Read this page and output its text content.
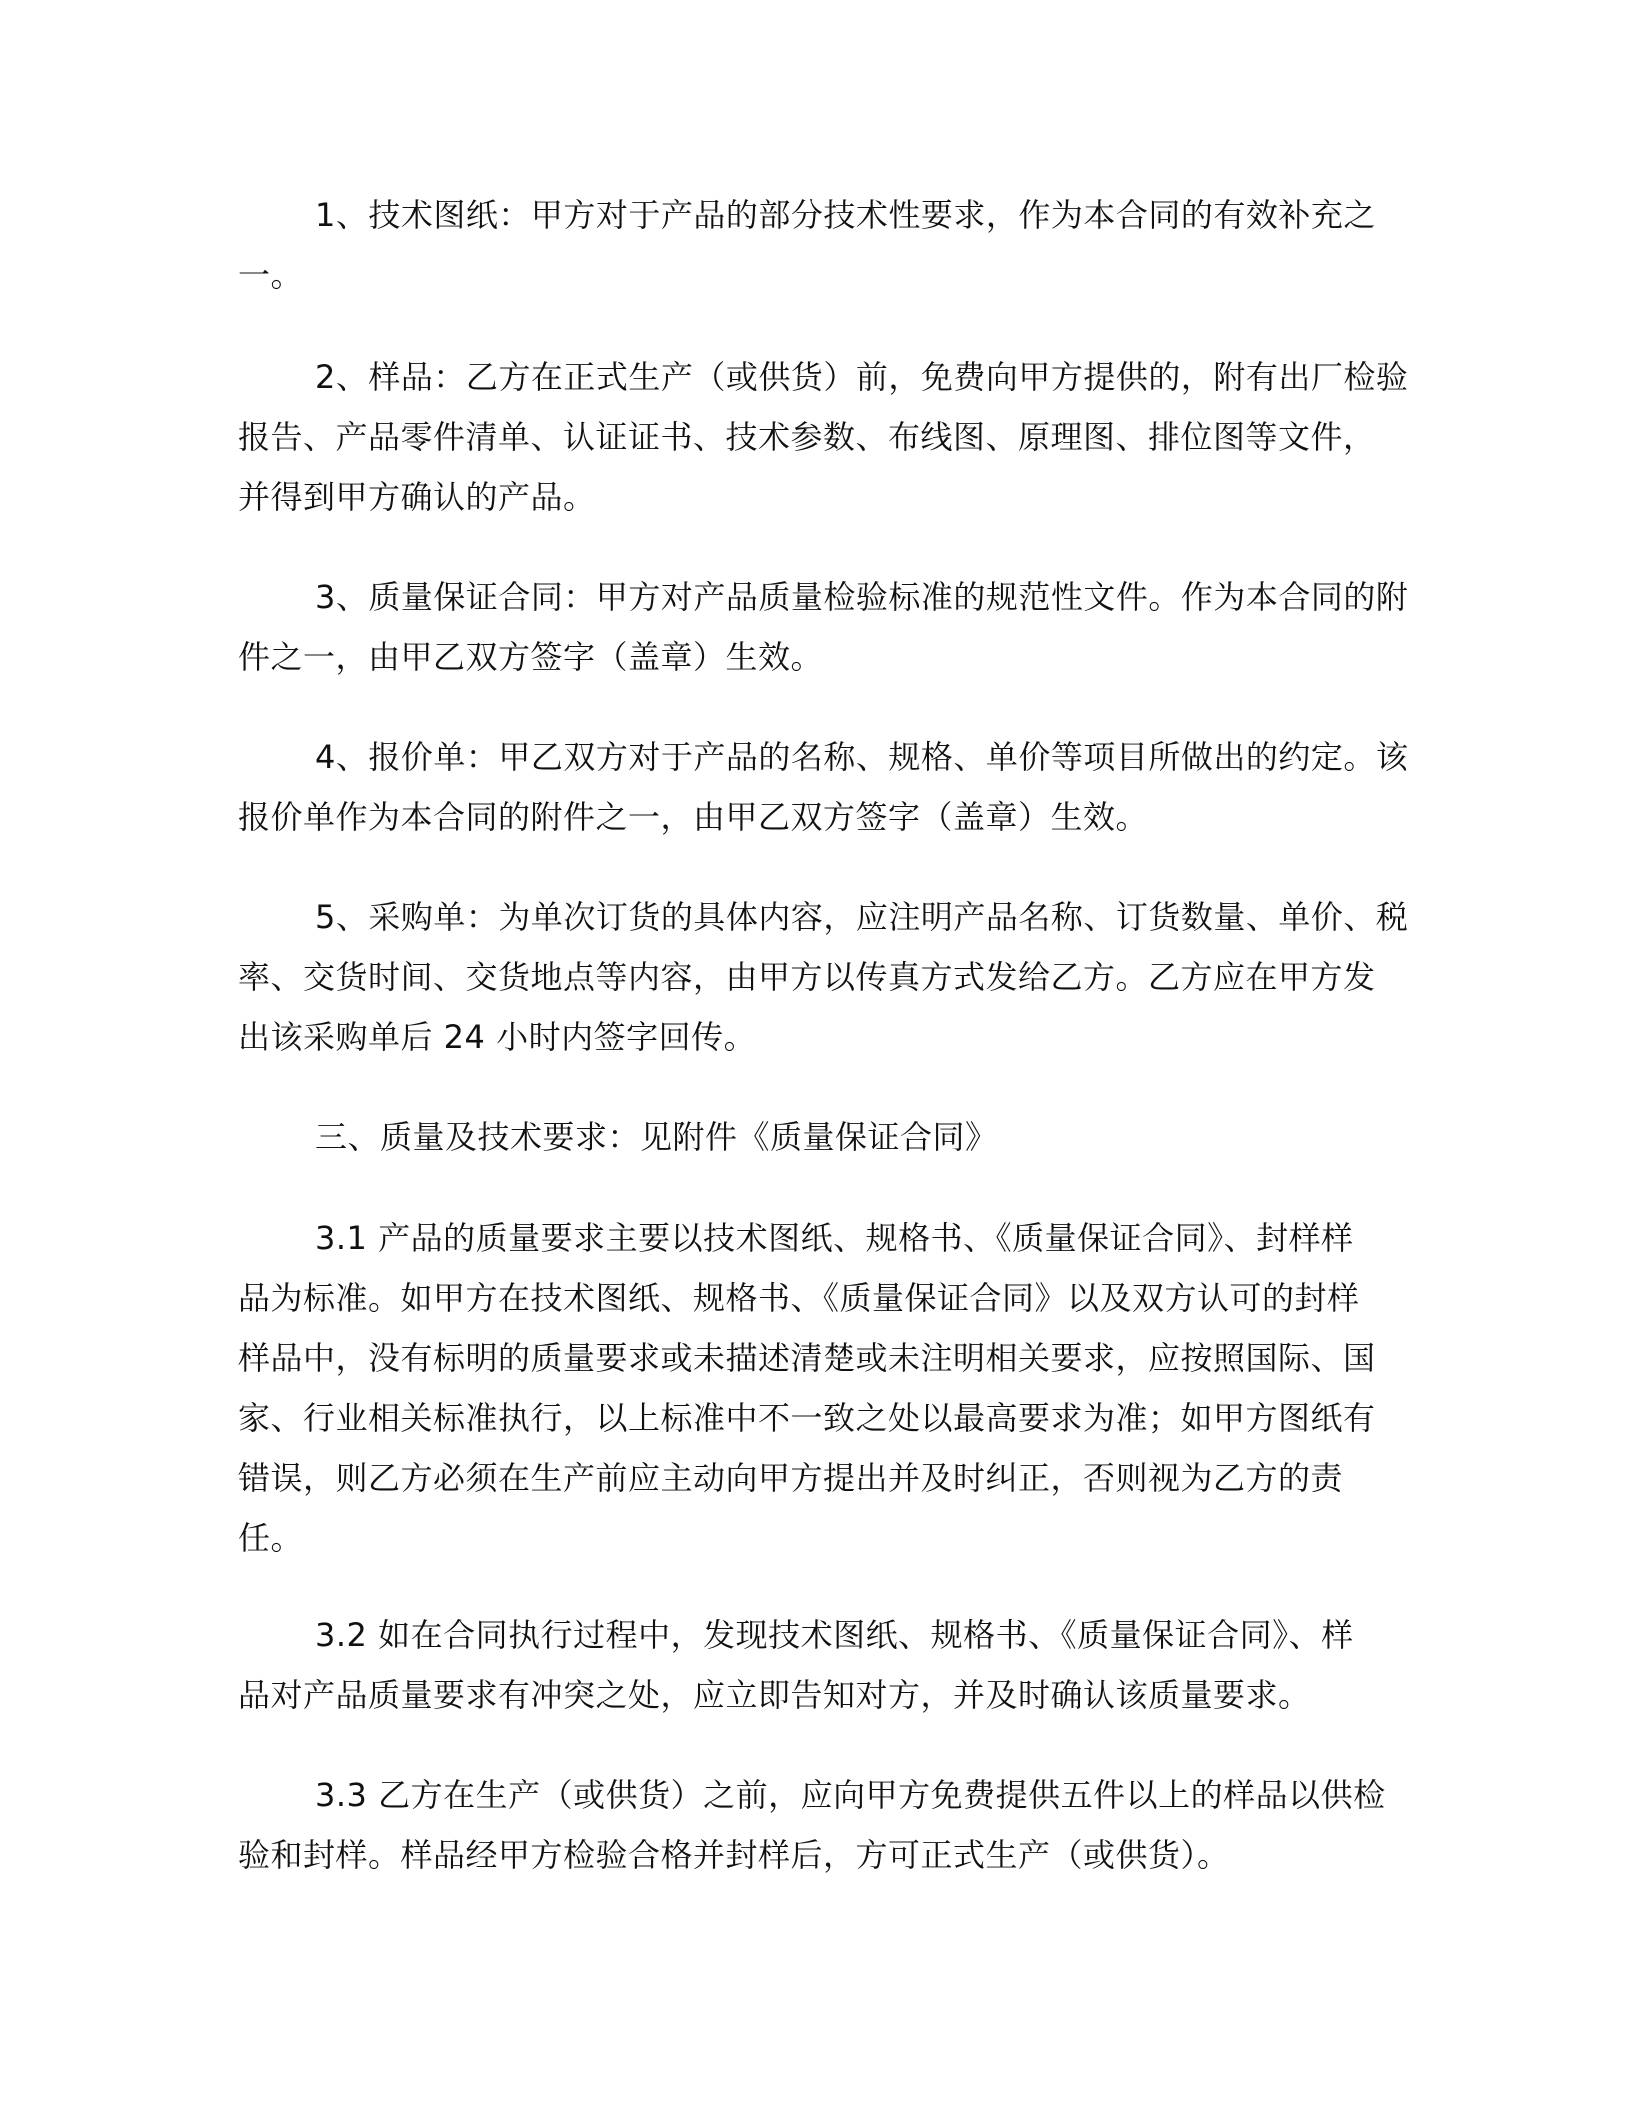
1、技术图纸：甲方对于产品的部分技术性要求，作为本合同的有效补充之
一。
2、样品：乙方在正式生产（或供货）前，免费向甲方提供的，附有出厂检验
报告、产品零件清单、认证证书、技术参数、布线图、原理图、排位图等文件，
并得到甲方确认的产品。
3、质量保证合同：甲方对产品质量检验标准的规范性文件。作为本合同的附
件之一，由甲乙双方签字（盖章）生效。
4、报价单：甲乙双方对于产品的名称、规格、单价等项目所做出的约定。该
报价单作为本合同的附件之一，由甲乙双方签字（盖章）生效。
5、采购单：为单次订货的具体内容，应注明产品名称、订货数量、单价、税
率、交货时间、交货地点等内容，由甲方以传真方式发给乙方。乙方应在甲方发
出该采购单后 24 小时内签字回传。
三、质量及技术要求：见附件《质量保证合同》
3.1 产品的质量要求主要以技术图纸、规格书、《质量保证合同》、封样样
品为标准。如甲方在技术图纸、规格书、《质量保证合同》以及双方认可的封样
样品中，没有标明的质量要求或未描述清楚或未注明相关要求，应按照国际、国
家、行业相关标准执行，以上标准中不一致之处以最高要求为准；如甲方图纸有
错误，则乙方必须在生产前应主动向甲方提出并及时纠正，否则视为乙方的责
任。
3.2 如在合同执行过程中，发现技术图纸、规格书、《质量保证合同》、样
品对产品质量要求有冲突之处，应立即告知对方，并及时确认该质量要求。
3.3 乙方在生产（或供货）之前，应向甲方免费提供五件以上的样品以供检
验和封样。样品经甲方检验合格并封样后，方可正式生产（或供货）。
